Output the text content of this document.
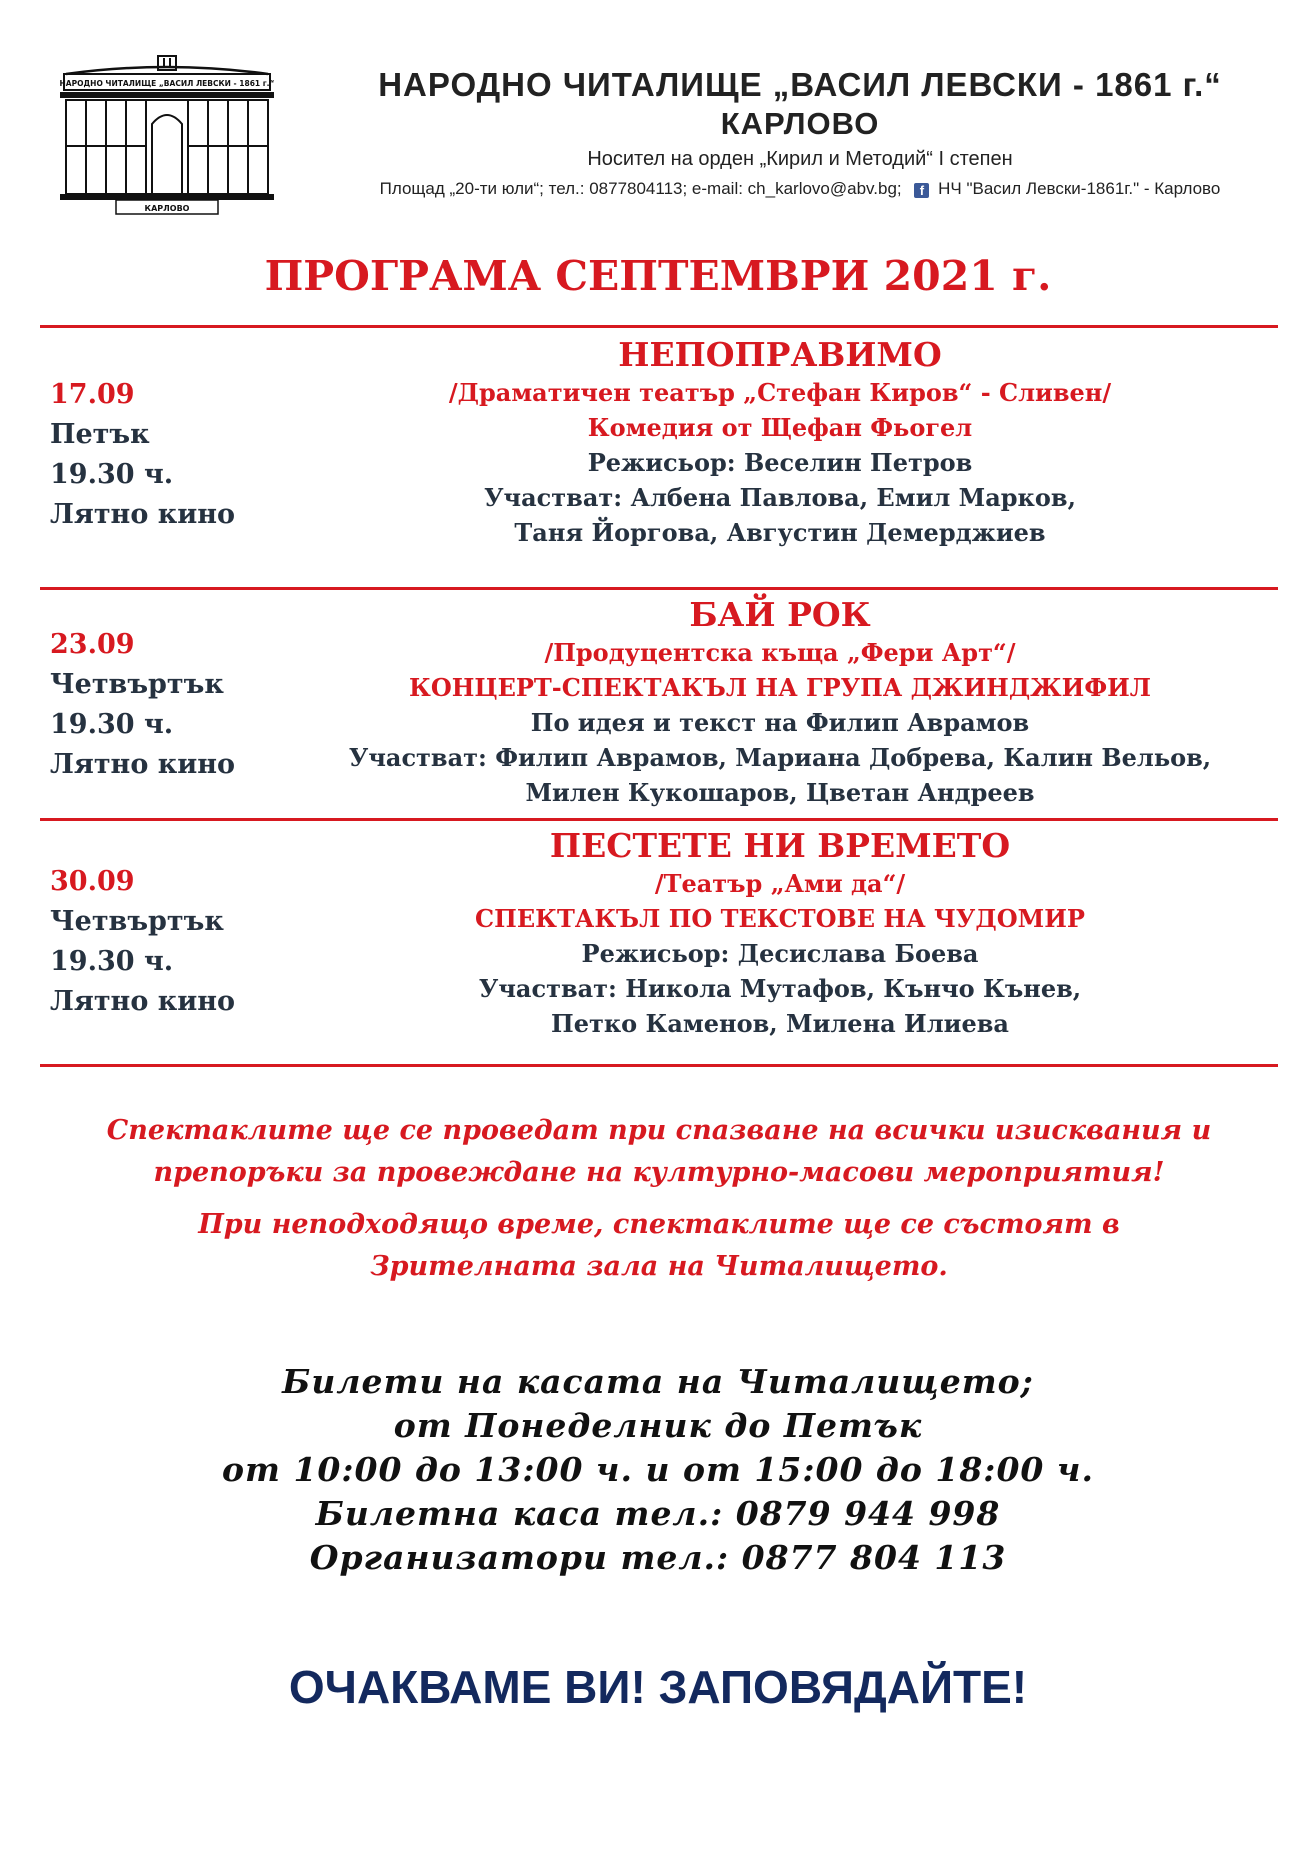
НАРОДНО ЧИТАЛИЩЕ „ВАСИЛ ЛЕВСКИ - 1861 г.“
КАРЛОВО
НАРОДНО ЧИТАЛИЩЕ „ВАСИЛ ЛЕВСКИ - 1861 г.“
КАРЛОВО
Носител на орден „Кирил и Методий“ I степен
Площад „20-ти юли“; тел.: 0877804113; e-mail: ch_karlovo@abv.bg; f НЧ "Васил Левски-1861г." - Карлово
ПРОГРАМА СЕПТЕМВРИ 2021 г.
17.09
Петък
19.30 ч.
Лятно кино
НЕПОПРАВИМО
/Драматичен театър „Стефан Киров“ - Сливен/
Комедия от Щефан Фьогел
Режисьор: Веселин Петров
Участват: Албена Павлова, Емил Марков,
Таня Йоргова, Августин Демерджиев
23.09
Четвъртък
19.30 ч.
Лятно кино
БАЙ РОК
/Продуцентска къща „Фери Арт“/
КОНЦЕРТ-СПЕКТАКЪЛ НА ГРУПА ДЖИНДЖИФИЛ
По идея и текст на Филип Аврамов
Участват: Филип Аврамов, Мариана Добрева, Калин Вельов,
Милен Кукошаров, Цветан Андреев
30.09
Четвъртък
19.30 ч.
Лятно кино
ПЕСТЕТЕ НИ ВРЕМЕТО
/Театър „Ами да“/
СПЕКТАКЪЛ ПО ТЕКСТОВЕ НА ЧУДОМИР
Режисьор: Десислава Боева
Участват: Никола Мутафов, Кънчо Кънев,
Петко Каменов, Милена Илиева
Спектаклите ще се проведат при спазване на всички изисквания и
препоръки за провеждане на културно-масови мероприятия!
При неподходящо време, спектаклите ще се състоят в
Зрителната зала на Читалището.
Билети на касата на Читалището;
от Понеделник до Петък
от 10:00 до 13:00 ч. и от 15:00 до 18:00 ч.
Билетна каса тел.: 0879 944 998
Организатори тел.: 0877 804 113
ОЧАКВАМЕ ВИ! ЗАПОВЯДАЙТЕ!
